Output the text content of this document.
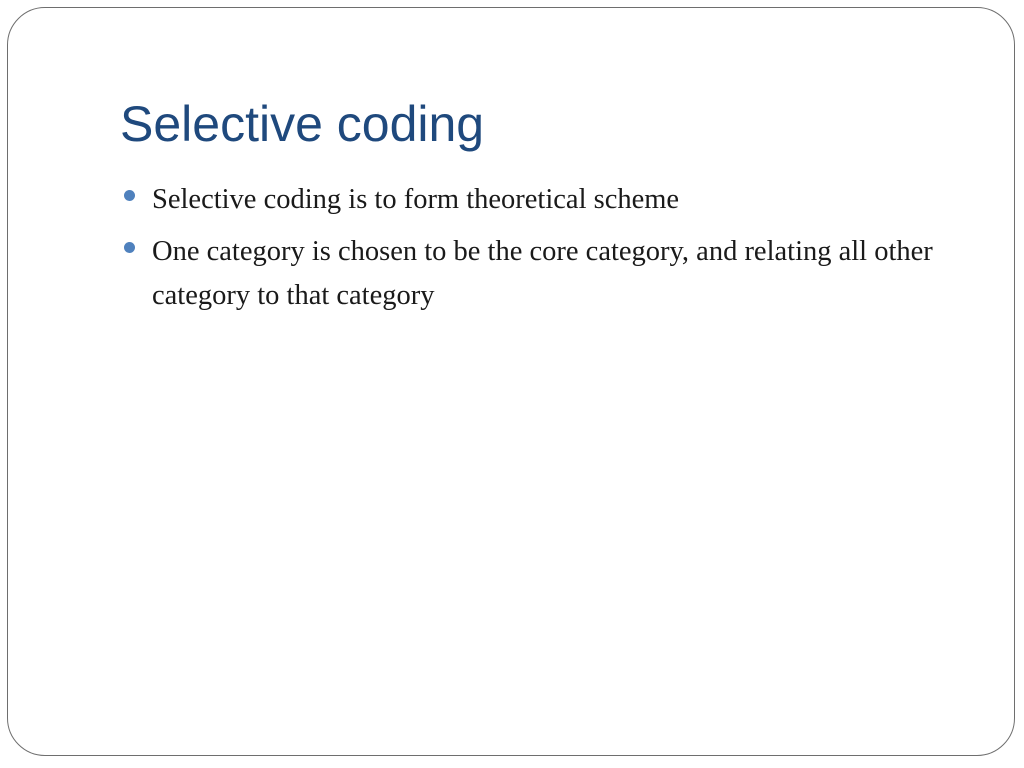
Selective coding
Selective coding is to form theoretical scheme
One category is chosen to be the core category, and relating all other category to that category
